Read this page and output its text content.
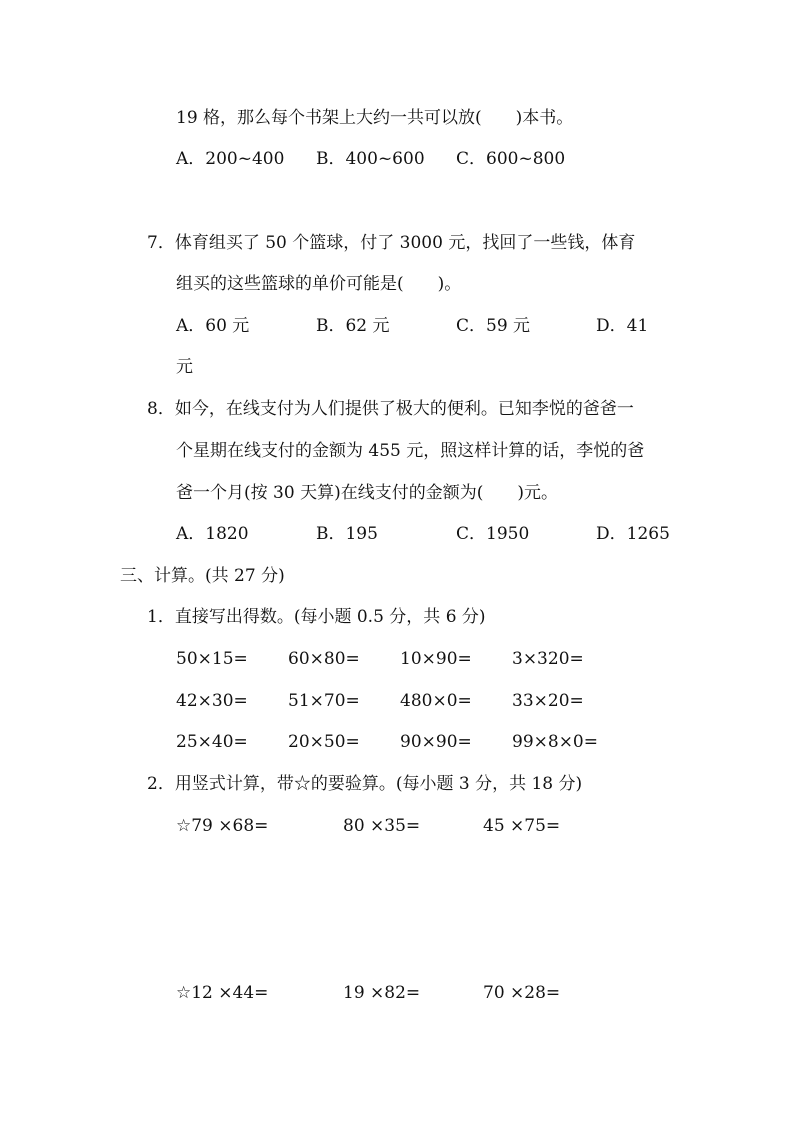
19 格，那么每个书架上大约一共可以放(　　)本书。
A．200~400 B．400~600 C．600~800
7．体育组买了 50 个篮球，付了 3000 元，找回了一些钱，体育
组买的这些篮球的单价可能是(　　)。
A．60 元	B．62 元	C．59 元	D．41
元
8．如今，在线支付为人们提供了极大的便利。已知李悦的爸爸一
个星期在线支付的金额为 455 元，照这样计算的话，李悦的爸
爸一个月(按 30 天算)在线支付的金额为(　　)元。
A．1820	B．195	C．1950	D．1265
三、计算。(共 27 分)
1．直接写出得数。(每小题 0.5 分，共 6 分)
50×15= 60×80= 10×90= 3×320=
42×30= 51×70= 480×0= 33×20=
25×40= 20×50= 90×90= 99×8×0=
2．用竖式计算，带☆的要验算。(每小题 3 分，共 18 分)
☆79 ×68=	80 ×35=	45 ×75=
☆12 ×44=	19 ×82=	70 ×28=
